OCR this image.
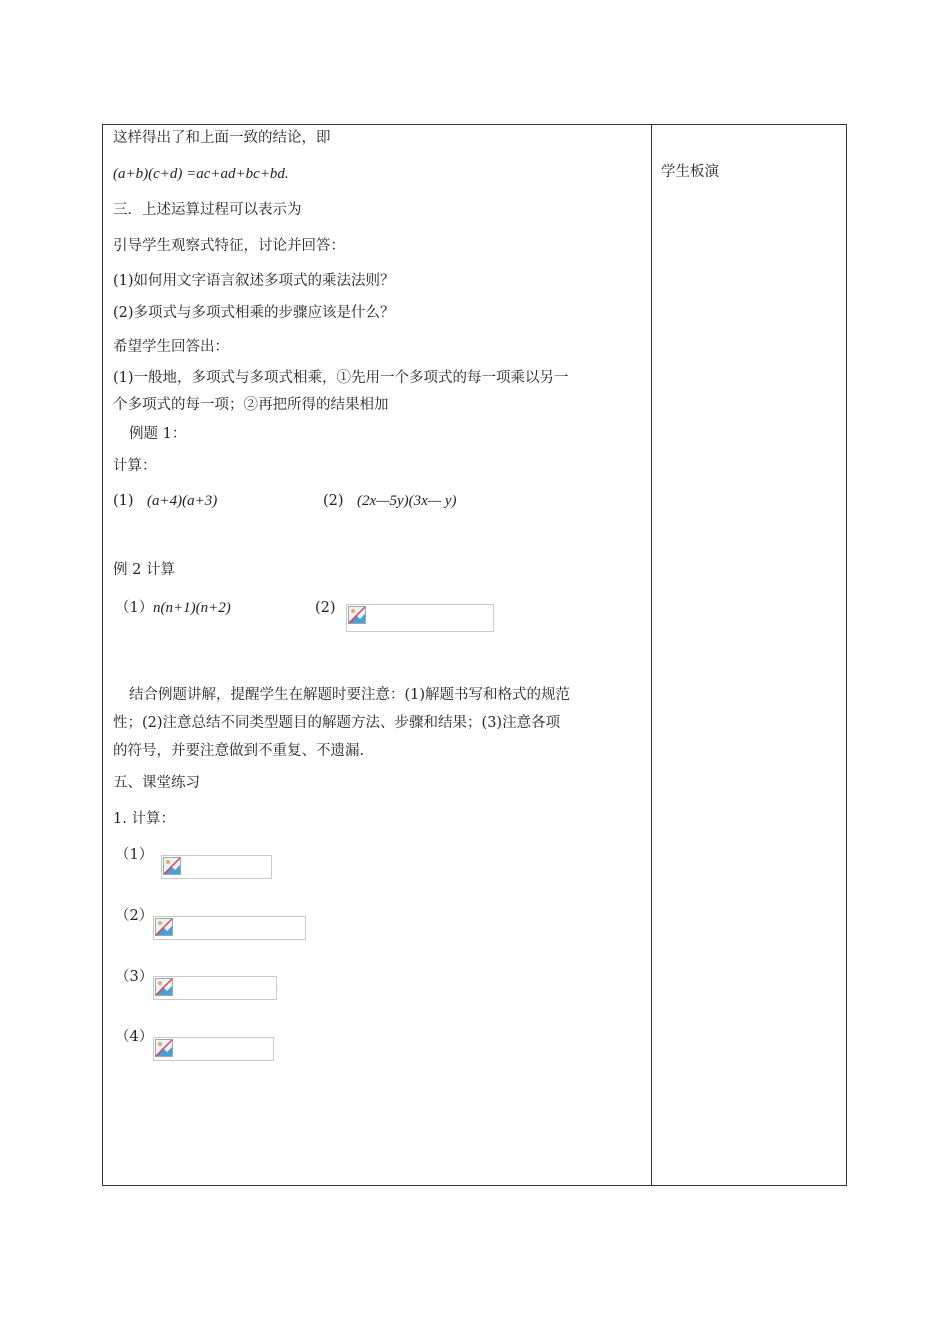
这样得出了和上面一致的结论，即
(a+b)(c+d) =ac+ad+bc+bd.
三．上述运算过程可以表示为
引导学生观察式特征，讨论并回答：
(1)如何用文字语言叙述多项式的乘法法则？
(2)多项式与多项式相乘的步骤应该是什么？
希望学生回答出：
(1)一般地，多项式与多项式相乘，①先用一个多项式的每一项乘以另一
个多项式的每一项；②再把所得的结果相加
例题 1：
计算：
(1) (a+4)(a+3)	(2) (2x—5y)(3x— y)
例 2 计算
（1） n(n+1)(n+2)	(2)
结合例题讲解，提醒学生在解题时要注意：(1)解题书写和格式的规范
性；(2)注意总结不同类型题目的解题方法、步骤和结果；(3)注意各项
的符号，并要注意做到不重复、不遗漏.
五、课堂练习
1. 计算：
（1）
（2）
（3）
（4）
学生板演
